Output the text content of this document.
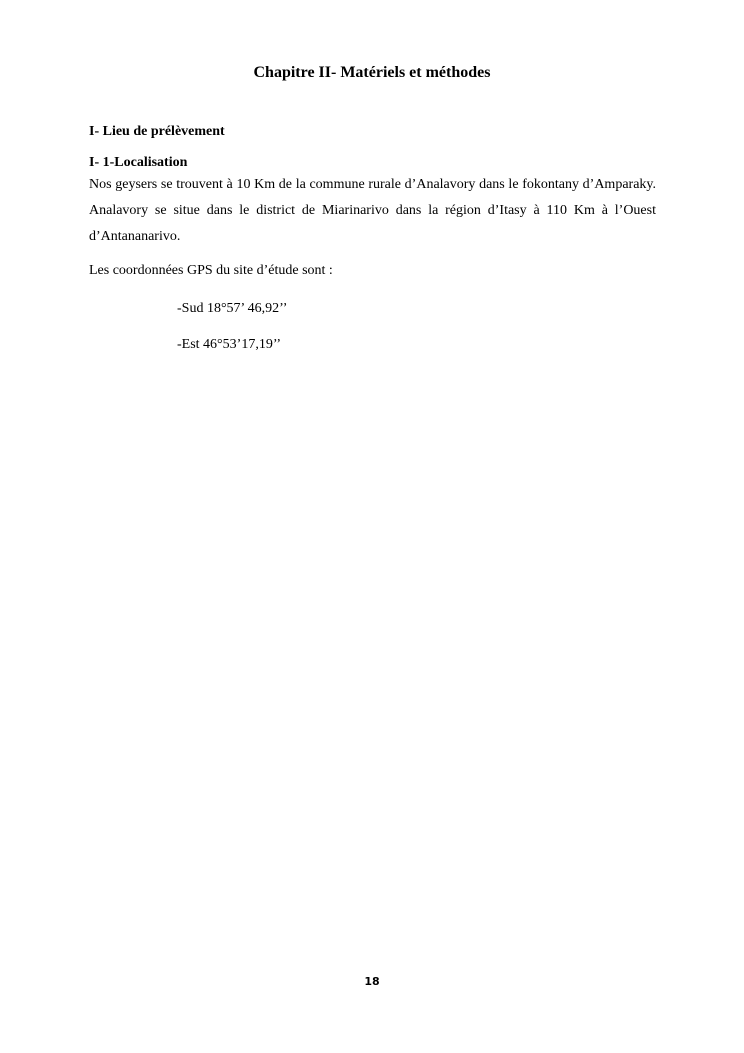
Chapitre II- Matériels et méthodes

I- Lieu de prélèvement

I- 1-Localisation

Nos geysers se trouvent à 10 Km de la commune rurale d’Analavory dans le fokontany d’Amparaky. Analavory se situe dans le district de Miarinarivo dans la région d’Itasy à 110 Km à l’Ouest d’Antananarivo.

Les coordonnées GPS du site d’étude sont :

-Sud 18°57’ 46,92’’

-Est 46°53’17,19’’

18
